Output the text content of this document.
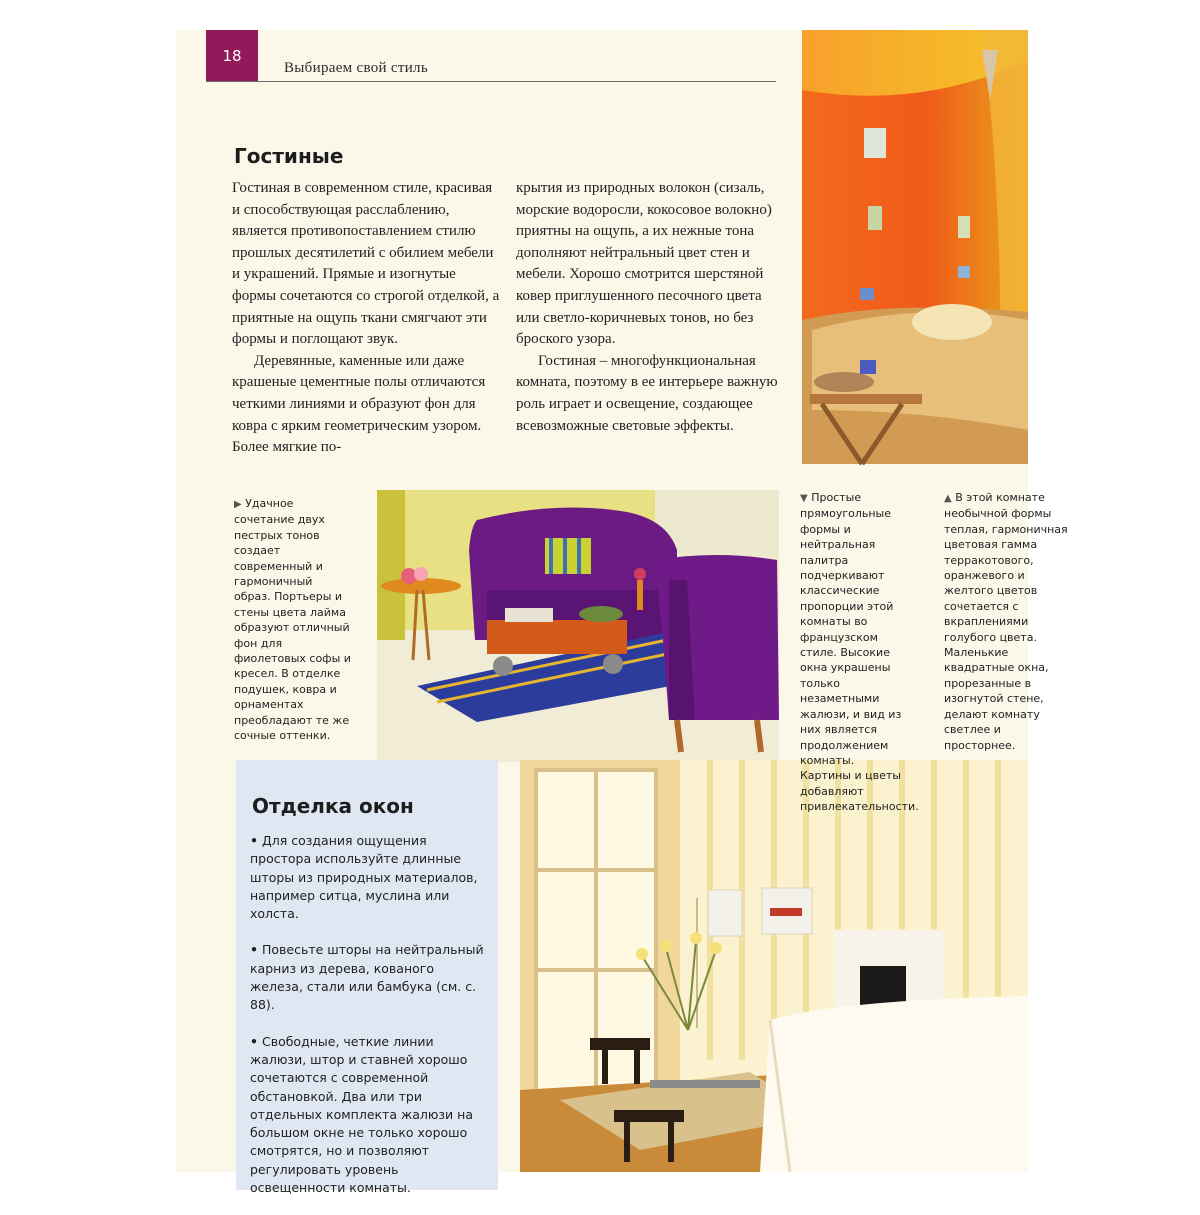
18
Выбираем свой стиль
Гостиные

Гостиная в современном стиле, красивая и способствующая расслаблению, является противопоставлением стилю прошлых десятилетий с обилием мебели и украшений. Прямые и изогнутые формы сочетаются со строгой отделкой, а приятные на ощупь ткани смягчают эти формы и поглощают звук.

Деревянные, каменные или даже крашеные цементные полы отличаются четкими линиями и образуют фон для ковра с ярким геометрическим узором. Более мягкие по-

крытия из природных волокон (сизаль, морские водоросли, кокосовое волокно) приятны на ощупь, а их нежные тона дополняют нейтральный цвет стен и мебели. Хорошо смотрится шерстяной ковер приглушенного песочного цвета или светло-коричневых тонов, но без броского узора.

Гостиная – многофункциональная комната, поэтому в ее интерьере важную роль играет и освещение, создающее всевозможные световые эффекты.

▶ Удачное сочетание двух пестрых тонов создает современный и гармоничный образ. Портьеры и стены цвета лайма образуют отличный фон для фиолетовых софы и кресел. В отделке подушек, ковра и орнаментах преобладают те же сочные оттенки.
▼ Простые прямоугольные формы и нейтральная палитра подчеркивают классические пропорции этой комнаты во французском стиле. Высокие окна украшены только незаметными жалюзи, и вид из них является продолжением комнаты. Картины и цветы добавляют привлекательности.
▲ В этой комнате необычной формы теплая, гармоничная цветовая гамма терракотового, оранжевого и желтого цветов сочетается с вкраплениями голубого цвета. Маленькие квадратные окна, прорезанные в изогнутой стене, делают комнату светлее и просторнее.
Отделка окон
• Для создания ощущения простора используйте длинные шторы из природных материалов, например ситца, муслина или холста.
• Повесьте шторы на нейтральный карниз из дерева, кованого железа, стали или бамбука (см. с. 88).
• Свободные, четкие линии жалюзи, штор и ставней хорошо сочетаются с современной обстановкой. Два или три отдельных комплекта жалюзи на большом окне не только хорошо смотрятся, но и позволяют регулировать уровень освещенности комнаты.
